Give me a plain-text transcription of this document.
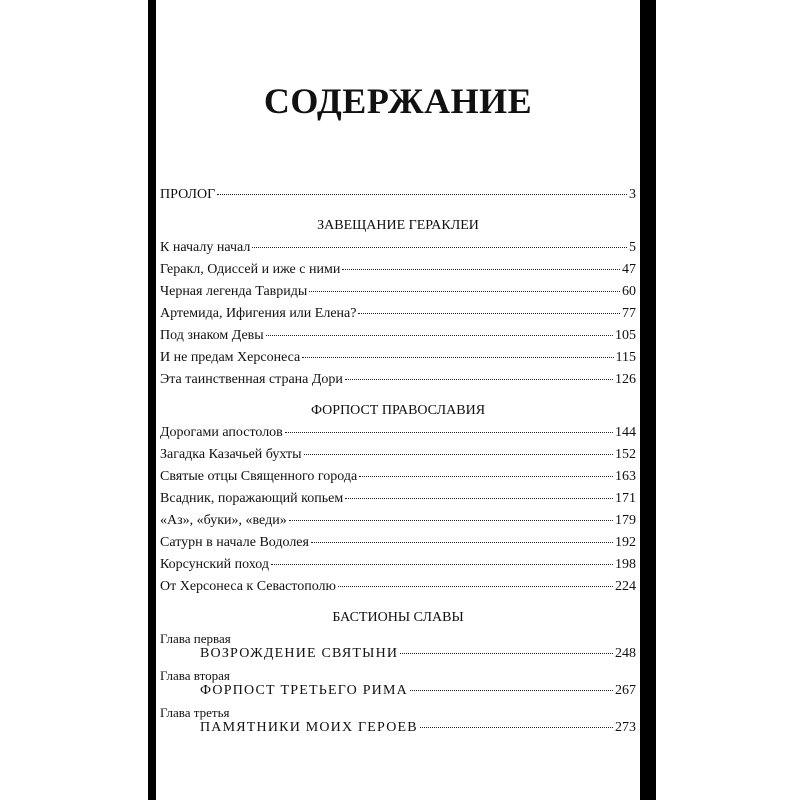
СОДЕРЖАНИЕ
ПРОЛОГ	3
ЗАВЕЩАНИЕ ГЕРАКЛЕИ
К началу начал	5
Геракл, Одиссей и иже с ними	47
Черная легенда Тавриды	60
Артемида, Ифигения или Елена?	77
Под знаком Девы	105
И не предам Херсонеса	115
Эта таинственная страна Дори	126
ФОРПОСТ ПРАВОСЛАВИЯ
Дорогами апостолов	144
Загадка Казачьей бухты	152
Святые отцы Священного города	163
Всадник, поражающий копьем	171
«Аз», «буки», «веди»	179
Сатурн в начале Водолея	192
Корсунский поход	198
От Херсонеса к Севастополю	224
БАСТИОНЫ СЛАВЫ
Глава первая
ВОЗРОЖДЕНИЕ СВЯТЫНИ	248
Глава вторая
ФОРПОСТ ТРЕТЬЕГО РИМА	267
Глава третья
ПАМЯТНИКИ МОИХ ГЕРОЕВ	273
